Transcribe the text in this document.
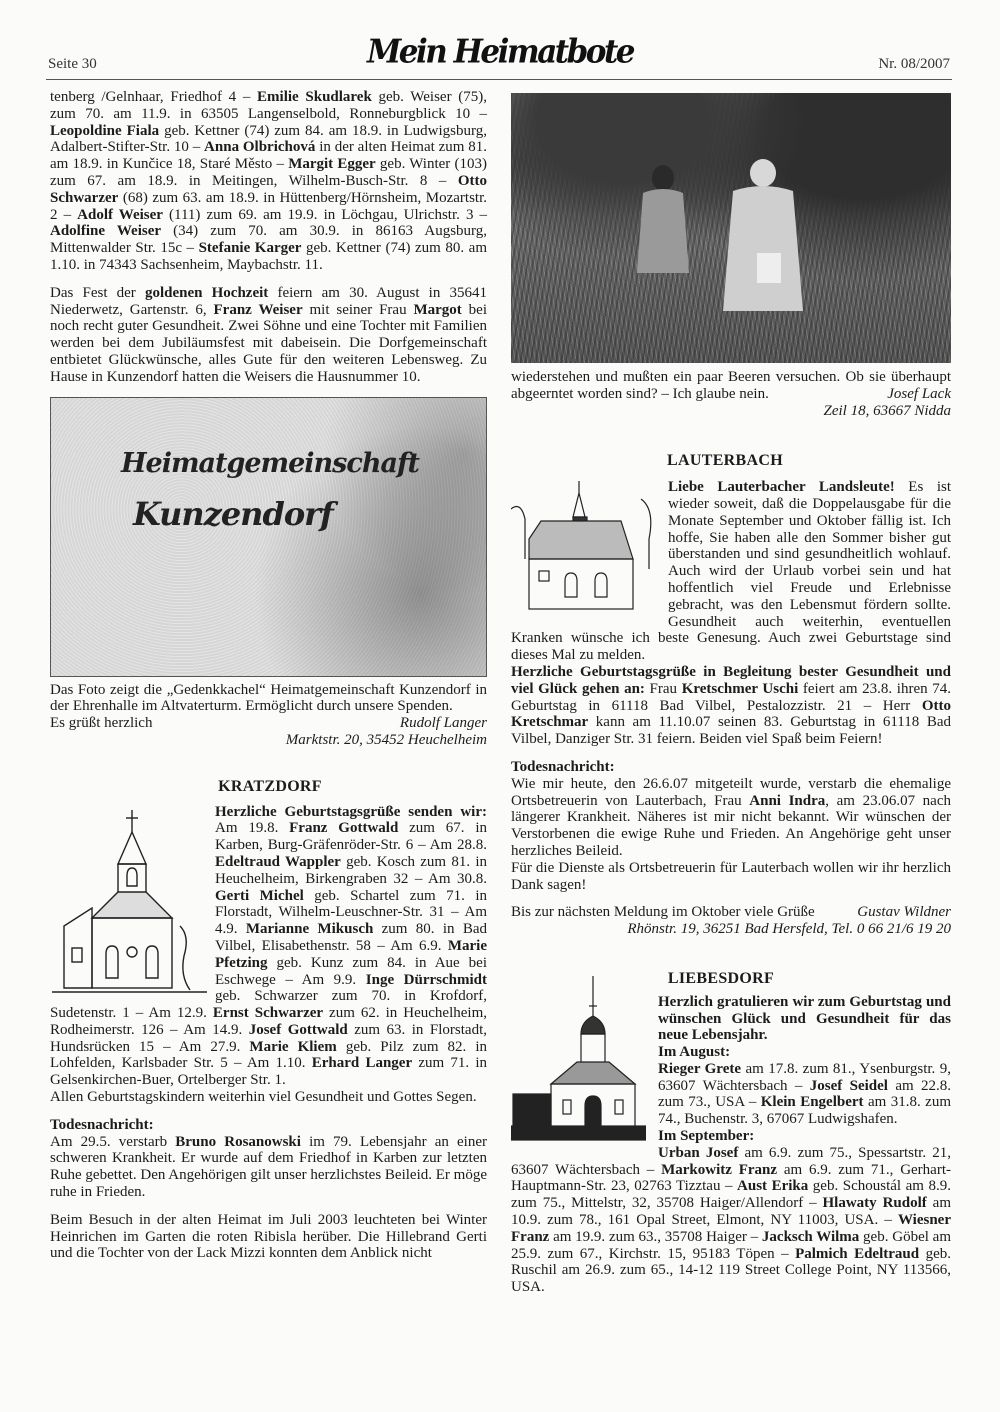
Seite 30	Mein Heimatbote	Nr. 08/2007

tenberg /Gelnhaar, Friedhof 4 – Emilie Skudlarek geb. Weiser (75), zum 70. am 11.9. in 63505 Langenselbold, Ronneburgblick 10 – Leopoldine Fiala geb. Kettner (74) zum 84. am 18.9. in Ludwigsburg, Adalbert-Stifter-Str. 10 – Anna Olbrichová in der alten Heimat zum 81. am 18.9. in Kunčice 18, Staré Město – Margit Egger geb. Winter (103) zum 67. am 18.9. in Meitingen, Wilhelm-Busch-Str. 8 – Otto Schwarzer (68) zum 63. am 18.9. in Hüttenberg/Hörnsheim, Mozartstr. 2 – Adolf Weiser (111) zum 69. am 19.9. in Löchgau, Ulrichstr. 3 – Adolfine Weiser (34) zum 70. am 30.9. in 86163 Augsburg, Mittenwalder Str. 15c – Stefanie Karger geb. Kettner (74) zum 80. am 1.10. in 74343 Sachsenheim, Maybachstr. 11.

Das Fest der goldenen Hochzeit feiern am 30. August in 35641 Niederwetz, Gartenstr. 6, Franz Weiser mit seiner Frau Margot bei noch recht guter Gesundheit. Zwei Söhne und eine Tochter mit Familien werden bei dem Jubiläumsfest mit dabeisein. Die Dorfgemeinschaft entbietet Glückwünsche, alles Gute für den weiteren Lebensweg. Zu Hause in Kunzendorf hatten die Weisers die Hausnummer 10.

Heimatgemeinschaft
Kunzendorf

Das Foto zeigt die „Gedenkkachel“ Heimatgemeinschaft Kunzendorf in der Ehrenhalle im Altvaterturm. Ermöglicht durch unsere Spenden.

Es grüßt herzlich	Rudolf Langer
Marktstr. 20, 35452 Heuchelheim
KRATZDORF

Herzliche Geburtstagsgrüße senden wir: Am 19.8. Franz Gottwald zum 67. in Karben, Burg-Gräfenröder-Str. 6 – Am 28.8. Edeltraud Wappler geb. Kosch zum 81. in Heuchelheim, Birkengraben 32 – Am 30.8. Gerti Michel geb. Schartel zum 71. in Florstadt, Wilhelm-Leuschner-Str. 31 – Am 4.9. Marianne Mikusch zum 80. in Bad Vilbel, Elisabethenstr. 58 – Am 6.9. Marie Pfetzing geb. Kunz zum 84. in Aue bei Eschwege – Am 9.9. Inge Dürrschmidt geb. Schwarzer zum 70. in Krofdorf, Sudetenstr. 1 – Am 12.9. Ernst Schwarzer zum 62. in Heuchelheim, Rodheimerstr. 126 – Am 14.9. Josef Gottwald zum 63. in Florstadt, Hundsrücken 15 – Am 27.9. Marie Kliem geb. Pilz zum 82. in Lohfelden, Karlsbader Str. 5 – Am 1.10. Erhard Langer zum 71. in Gelsenkirchen-Buer, Ortelberger Str. 1.

Allen Geburtstagskindern weiterhin viel Gesundheit und Gottes Segen.

Todesnachricht:

Am 29.5. verstarb Bruno Rosanowski im 79. Lebensjahr an einer schweren Krankheit. Er wurde auf dem Friedhof in Karben zur letzten Ruhe gebettet. Den Angehörigen gilt unser herzlichstes Beileid. Er möge ruhe in Frieden.

Beim Besuch in der alten Heimat im Juli 2003 leuchteten bei Winter Heinrichen im Garten die roten Ribisla herüber. Die Hillebrand Gerti und die Tochter von der Lack Mizzi konnten dem Anblick nicht

wiederstehen und mußten ein paar Beeren versuchen. Ob sie überhaupt abgeerntet worden sind? – Ich glaube nein.	Josef Lack

Zeil 18, 63667 Nidda
LAUTERBACH

Liebe Lauterbacher Landsleute! Es ist wieder soweit, daß die Doppelausgabe für die Monate September und Oktober fällig ist. Ich hoffe, Sie haben alle den Sommer bisher gut überstanden und sind gesundheitlich wohlauf. Auch wird der Urlaub vorbei sein und hat hoffentlich viel Freude und Erlebnisse gebracht, was den Lebensmut fördern sollte. Gesundheit auch weiterhin, eventuellen Kranken wünsche ich beste Genesung. Auch zwei Geburtstage sind dieses Mal zu melden.

Herzliche Geburtstagsgrüße in Begleitung bester Gesundheit und viel Glück gehen an: Frau Kretschmer Uschi feiert am 23.8. ihren 74. Geburtstag in 61118 Bad Vilbel, Pestalozzistr. 21 – Herr Otto Kretschmar kann am 11.10.07 seinen 83. Geburtstag in 61118 Bad Vilbel, Danziger Str. 31 feiern. Beiden viel Spaß beim Feiern!

Todesnachricht:

Wie mir heute, den 26.6.07 mitgeteilt wurde, verstarb die ehemalige Ortsbetreuerin von Lauterbach, Frau Anni Indra, am 23.06.07 nach längerer Krankheit. Näheres ist mir nicht bekannt. Wir wünschen der Verstorbenen die ewige Ruhe und Frieden. An Angehörige geht unser herzliches Beileid.

Für die Dienste als Ortsbetreuerin für Lauterbach wollen wir ihr herzlich Dank sagen!

Bis zur nächsten Meldung im Oktober viele Grüße	Gustav Wildner
Rhönstr. 19, 36251 Bad Hersfeld, Tel. 0 66 21/6 19 20
LIEBESDORF

Herzlich gratulieren wir zum Geburtstag und wünschen Glück und Gesundheit für das neue Lebensjahr.

Im August:

Rieger Grete am 17.8. zum 81., Ysenburgstr. 9, 63607 Wächtersbach – Josef Seidel am 22.8. zum 73., USA – Klein Engelbert am 31.8. zum 74., Buchenstr. 3, 67067 Ludwigshafen.

Im September:

Urban Josef am 6.9. zum 75., Spessartstr. 21, 63607 Wächtersbach – Markowitz Franz am 6.9. zum 71., Gerhart-Hauptmann-Str. 23, 02763 Tizztau – Aust Erika geb. Schoustál am 8.9. zum 75., Mittelstr, 32, 35708 Haiger/Allendorf – Hlawaty Rudolf am 10.9. zum 78., 161 Opal Street, Elmont, NY 11003, USA. – Wiesner Franz am 19.9. zum 63., 35708 Haiger – Jacksch Wilma geb. Göbel am 25.9. zum 67., Kirchstr. 15, 95183 Töpen – Palmich Edeltraud geb. Ruschil am 26.9. zum 65., 14-12 119 Street College Point, NY 113566, USA.
